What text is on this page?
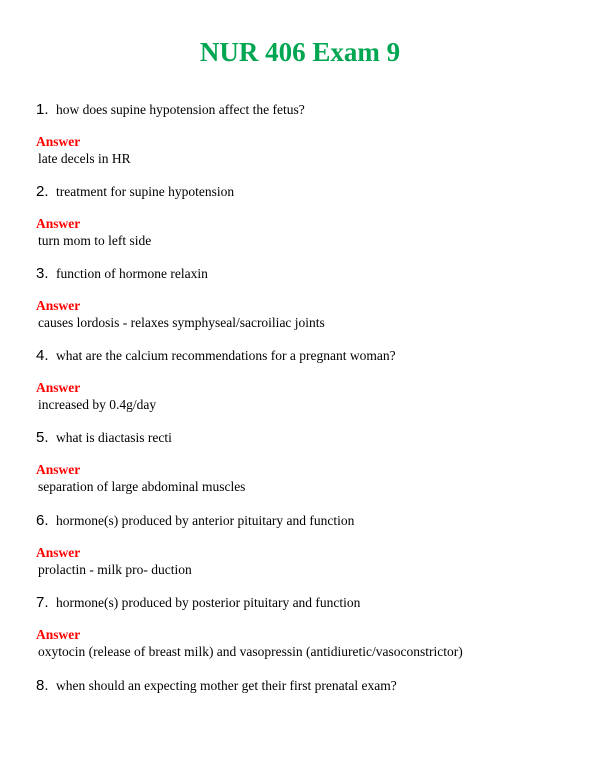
NUR 406 Exam 9
1. how does supine hypotension affect the fetus?
Answer
late decels in HR
2. treatment for supine hypotension
Answer
turn mom to left side
3. function of hormone relaxin
Answer
causes lordosis - relaxes symphyseal/sacroiliac joints
4. what are the calcium recommendations for a pregnant woman?
Answer
increased by 0.4g/day
5. what is diactasis recti
Answer
separation of large abdominal muscles
6. hormone(s) produced by anterior pituitary and function
Answer
prolactin - milk pro- duction
7. hormone(s) produced by posterior pituitary and function
Answer
oxytocin (release of breast milk) and vasopressin (antidiuretic/vasoconstrictor)
8. when should an expecting mother get their first prenatal exam?
